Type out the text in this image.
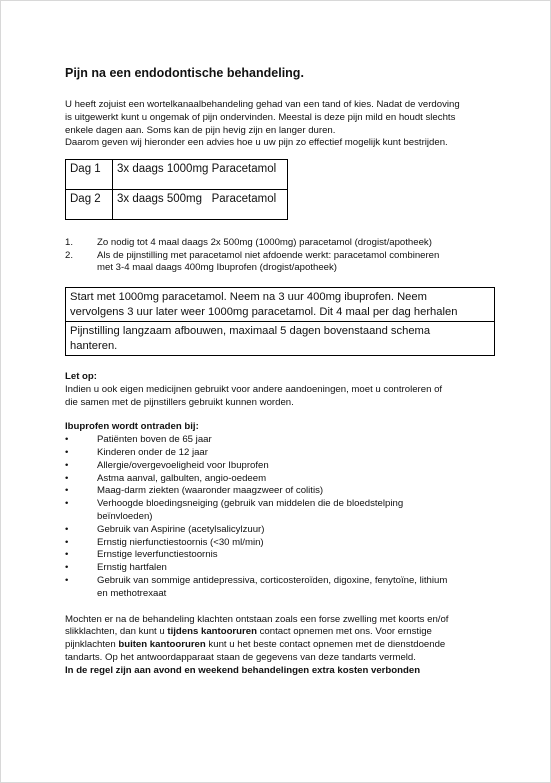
Pijn na een endodontische behandeling.

U heeft zojuist een wortelkanaalbehandeling gehad van een tand of kies. Nadat de verdoving

is uitgewerkt kunt u ongemak of pijn ondervinden. Meestal is deze pijn mild en houdt slechts

enkele dagen aan. Soms kan de pijn hevig zijn en langer duren.

Daarom geven wij hieronder een advies hoe u uw pijn zo effectief mogelijk kunt bestrijden.

Dag 1	3x daags 1000mg Paracetamol
Dag 2	3x daags 500mg   Paracetamol
1. Zo nodig tot 4 maal daags 2x 500mg (1000mg) paracetamol (drogist/apotheek)
2. Als de pijnstilling met paracetamol niet afdoende werkt: paracetamol combineren
met 3-4 maal daags 400mg Ibuprofen (drogist/apotheek)
Start met 1000mg paracetamol. Neem na 3 uur 400mg ibuprofen. Neem
vervolgens 3 uur later weer 1000mg paracetamol. Dit 4 maal per dag herhalen
Pijnstilling langzaam afbouwen, maximaal 5 dagen bovenstaand schema
hanteren.
Let op:

Indien u ook eigen medicijnen gebruikt voor andere aandoeningen, moet u controleren of

die samen met de pijnstillers gebruikt kunnen worden.

Ibuprofen wordt ontraden bij:
•	Patiënten boven de 65 jaar
•	Kinderen onder de 12 jaar
•	Allergie/overgevoeligheid voor Ibuprofen
•	Astma aanval, galbulten, angio-oedeem
•	Maag-darm ziekten (waaronder maagzweer of colitis)
•	Verhoogde bloedingsneiging (gebruik van middelen die de bloedstelping
beïnvloeden)
•	Gebruik van Aspirine (acetylsalicylzuur)
•	Ernstig nierfunctiestoornis (<30 ml/min)
•	Ernstige leverfunctiestoornis
•	Ernstig hartfalen
•	Gebruik van sommige antidepressiva, corticosteroïden, digoxine, fenytoïne, lithium
en methotrexaat

Mochten er na de behandeling klachten ontstaan zoals een forse zwelling met koorts en/of

slikklachten, dan kunt u tijdens kantooruren contact opnemen met ons. Voor ernstige

pijnklachten buiten kantooruren kunt u het beste contact opnemen met de dienstdoende

tandarts. Op het antwoordapparaat staan de gegevens van deze tandarts vermeld.

In de regel zijn aan avond en weekend behandelingen extra kosten verbonden
